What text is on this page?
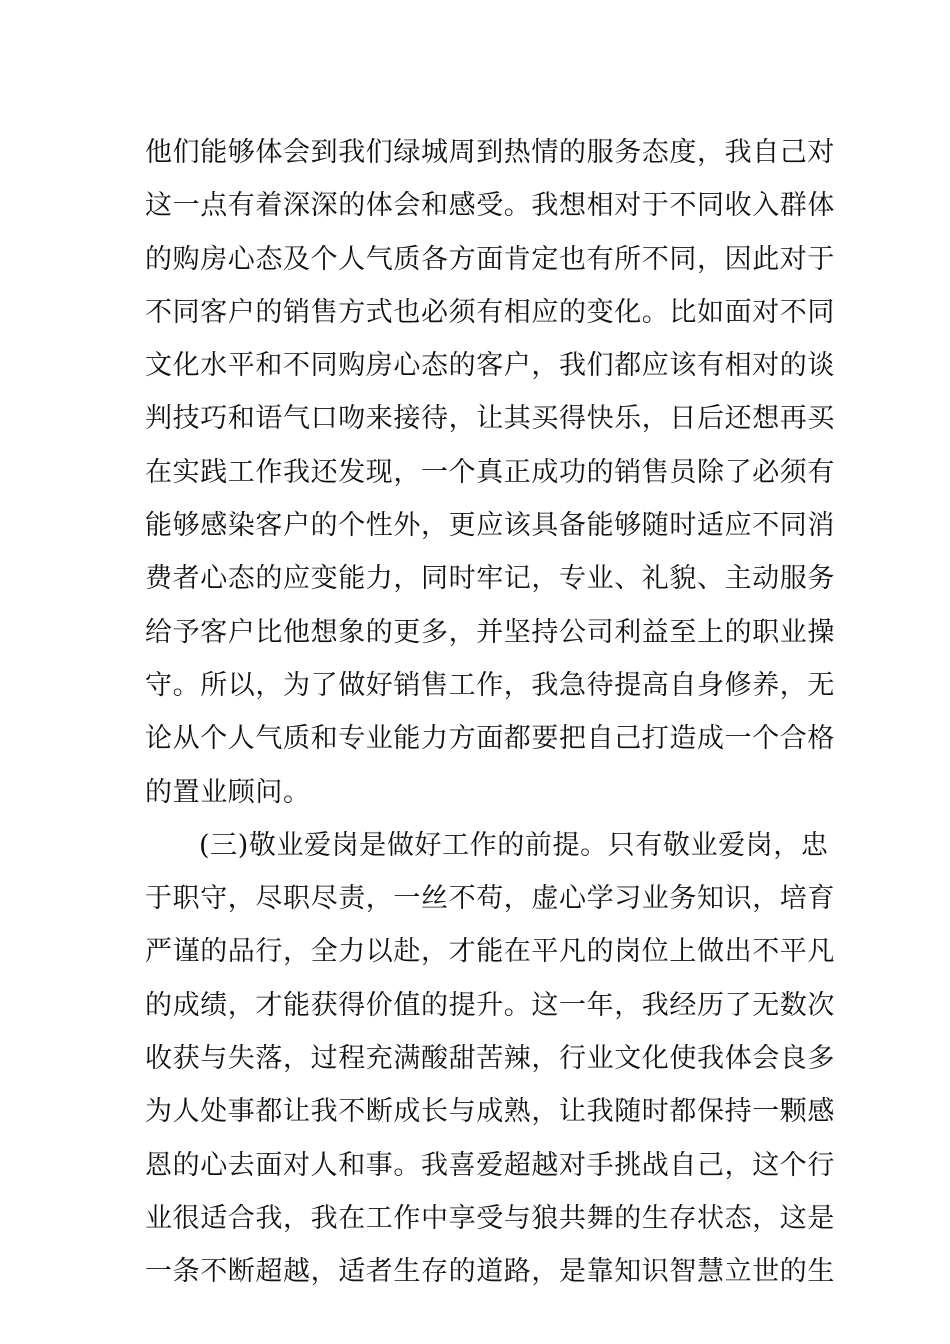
他们能够体会到我们绿城周到热情的服务态度，我自己对
这一点有着深深的体会和感受。我想相对于不同收入群体
的购房心态及个人气质各方面肯定也有所不同，因此对于
不同客户的销售方式也必须有相应的变化。比如面对不同
文化水平和不同购房心态的客户，我们都应该有相对的谈
判技巧和语气口吻来接待，让其买得快乐，日后还想再买
在实践工作我还发现，一个真正成功的销售员除了必须有
能够感染客户的个性外，更应该具备能够随时适应不同消
费者心态的应变能力，同时牢记，专业、礼貌、主动服务
给予客户比他想象的更多，并坚持公司利益至上的职业操
守。所以，为了做好销售工作，我急待提高自身修养，无
论从个人气质和专业能力方面都要把自己打造成一个合格
的置业顾问。
(三)敬业爱岗是做好工作的前提。只有敬业爱岗，忠
于职守，尽职尽责，一丝不苟，虚心学习业务知识，培育
严谨的品行，全力以赴，才能在平凡的岗位上做出不平凡
的成绩，才能获得价值的提升。这一年，我经历了无数次
收获与失落，过程充满酸甜苦辣，行业文化使我体会良多
为人处事都让我不断成长与成熟，让我随时都保持一颗感
恩的心去面对人和事。我喜爱超越对手挑战自己，这个行
业很适合我，我在工作中享受与狼共舞的生存状态，这是
一条不断超越，适者生存的道路，是靠知识智慧立世的生
